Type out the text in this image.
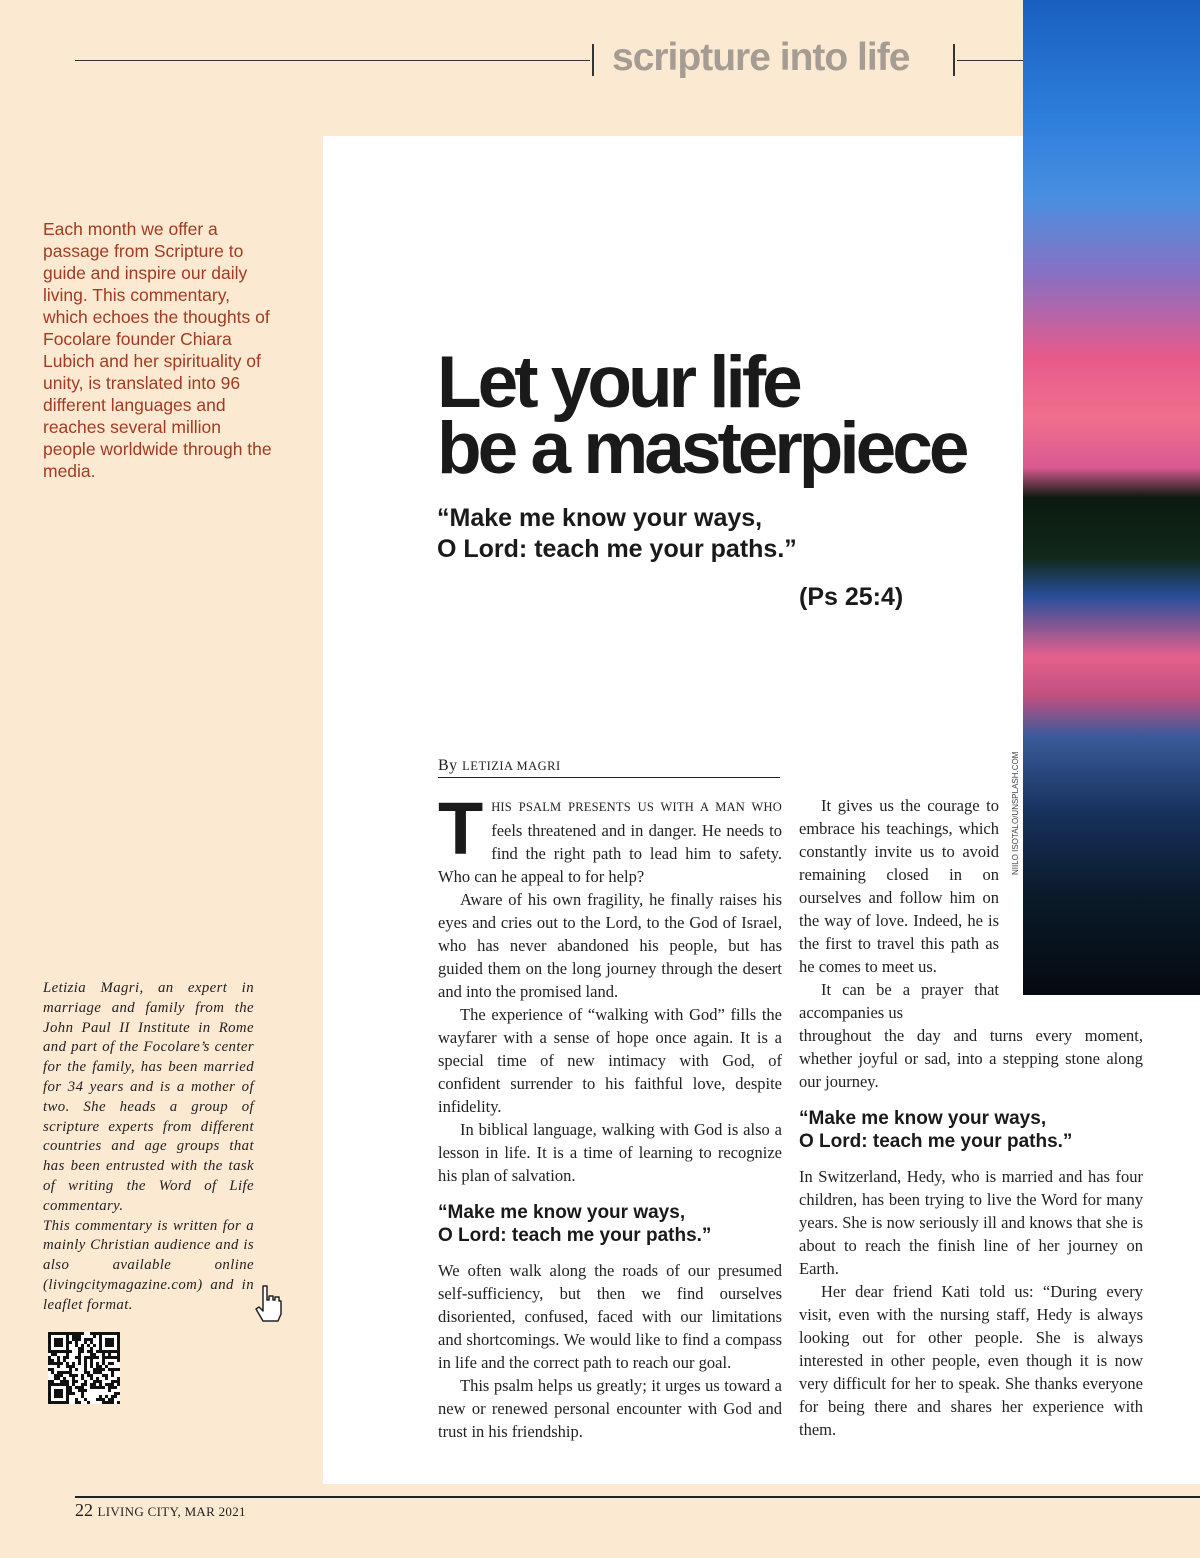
scripture into life
Each month we offer a passage from Scripture to guide and inspire our daily living. This commentary, which echoes the thoughts of Focolare founder Chiara Lubich and her spirituality of unity, is translated into 96 different languages and reaches several million people worldwide through the media.
NIILO ISOTALO/UNSPLASH.COM
Let your life
be a masterpiece
“Make me know your ways,
O Lord: teach me your paths.”
(Ps 25:4)
By LETIZIA MAGRI

THIS PSALM PRESENTS US WITH A MAN WHO feels threatened and in danger. He needs to find the right path to lead him to safety. Who can he appeal to for help?

Aware of his own fragility, he finally raises his eyes and cries out to the Lord, to the God of Israel, who has never abandoned his people, but has guided them on the long journey through the desert and into the promised land.

The experience of “walking with God” fills the wayfarer with a sense of hope once again. It is a special time of new intimacy with God, of confident surrender to his faithful love, despite infidelity.

In biblical language, walking with God is also a lesson in life. It is a time of learning to recognize his plan of salvation.

“Make me know your ways,
O Lord: teach me your paths.”

We often walk along the roads of our presumed self-sufficiency, but then we find ourselves disoriented, confused, faced with our limitations and shortcomings. We would like to find a compass in life and the correct path to reach our goal.

This psalm helps us greatly; it urges us toward a new or renewed personal encounter with God and trust in his friendship.

It gives us the courage to embrace his teachings, which constantly invite us to avoid remaining closed in on ourselves and follow him on the way of love. Indeed, he is the first to travel this path as he comes to meet us.

It can be a prayer that accompanies us

throughout the day and turns every moment, whether joyful or sad, into a stepping stone along our journey.

“Make me know your ways,
O Lord: teach me your paths.”

In Switzerland, Hedy, who is married and has four children, has been trying to live the Word for many years. She is now seriously ill and knows that she is about to reach the finish line of her journey on Earth.

Her dear friend Kati told us: “During every visit, even with the nursing staff, Hedy is always looking out for other people. She is always interested in other people, even though it is now very difficult for her to speak. She thanks everyone for being there and shares her experience with them.

Letizia Magri, an expert in marriage and family from the John Paul II Institute in Rome and part of the Focolare’s center for the family, has been married for 34 years and is a mother of two. She heads a group of scripture experts from different countries and age groups that has been entrusted with the task of writing the Word of Life commentary.

This commentary is written for a mainly Christian audience and is also available online (livingcitymagazine.com) and in leaflet format.

22 LIVING CITY, MAR 2021
